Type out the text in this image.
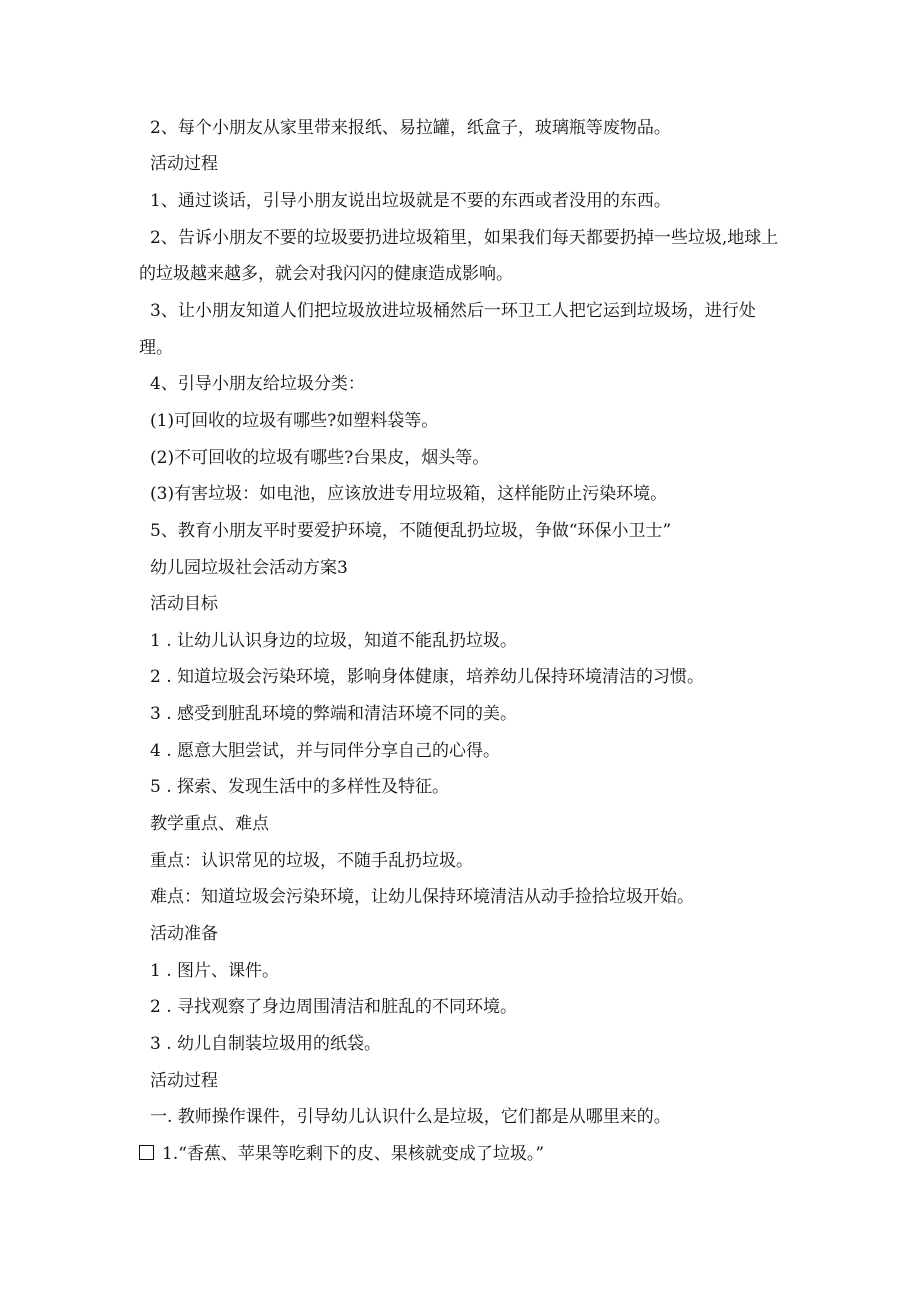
2、每个小朋友从家里带来报纸、易拉罐，纸盒子，玻璃瓶等废物品。
活动过程
1、通过谈话，引导小朋友说出垃圾就是不要的东西或者没用的东西。
2、告诉小朋友不要的垃圾要扔进垃圾箱里，如果我们每天都要扔掉一些垃圾,地球上
的垃圾越来越多，就会对我闪闪的健康造成影响。
3、让小朋友知道人们把垃圾放进垃圾桶然后一环卫工人把它运到垃圾场，进行处
理。
4、引导小朋友给垃圾分类：
(1)可回收的垃圾有哪些?如塑料袋等。
(2)不可回收的垃圾有哪些?台果皮，烟头等。
(3)有害垃圾：如电池，应该放进专用垃圾箱，这样能防止污染环境。
5、教育小朋友平时要爱护环境，不随便乱扔垃圾，争做“环保小卫士”
幼儿园垃圾社会活动方案3
活动目标
1 . 让幼儿认识身边的垃圾，知道不能乱扔垃圾。
2 . 知道垃圾会污染环境，影响身体健康，培养幼儿保持环境清洁的习惯。
3 . 感受到脏乱环境的弊端和清洁环境不同的美。
4 . 愿意大胆尝试，并与同伴分享自己的心得。
5 . 探索、发现生活中的多样性及特征。
教学重点、难点
重点：认识常见的垃圾，不随手乱扔垃圾。
难点：知道垃圾会污染环境，让幼儿保持环境清洁从动手捡拾垃圾开始。
活动准备
1 . 图片、课件。
2 . 寻找观察了身边周围清洁和脏乱的不同环境。
3 . 幼儿自制装垃圾用的纸袋。
活动过程
一. 教师操作课件，引导幼儿认识什么是垃圾，它们都是从哪里来的。
1.“香蕉、苹果等吃剩下的皮、果核就变成了垃圾。”
